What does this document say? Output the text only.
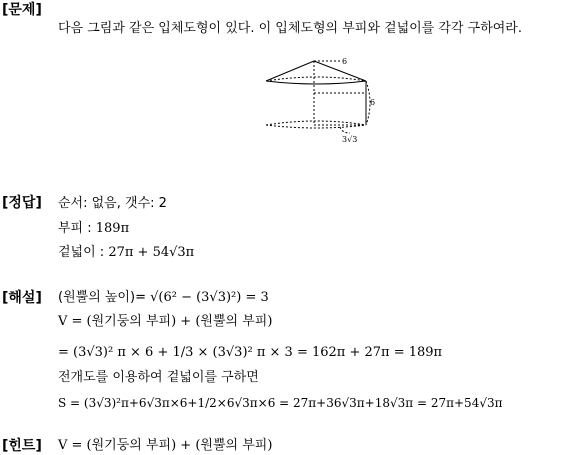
[문제]
다음 그림과 같은 입체도형이 있다. 이 입체도형의 부피와 겉넓이를 각각 구하여라.
6
6
3√3
[정답] 순서: 없음, 갯수: 2
부피 : 189π
겉넓이 : 27π + 54√3π
[해설] (원뿔의 높이)= √(6² − (3√3)²) = 3
V = (원기둥의 부피) + (원뿔의 부피)
= (3√3)² π × 6 + 1/3 × (3√3)² π × 3 = 162π + 27π = 189π
전개도를 이용하여 겉넓이를 구하면
S = (3√3)²π+6√3π×6+1/2×6√3π×6 = 27π+36√3π+18√3π = 27π+54√3π
[힌트] V = (원기둥의 부피) + (원뿔의 부피)
